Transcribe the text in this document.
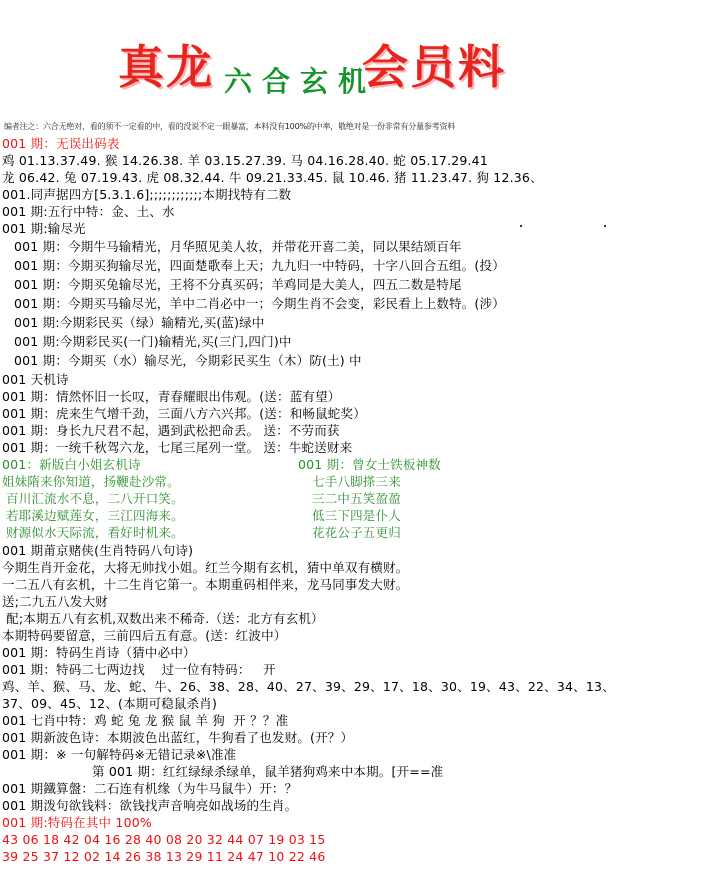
真龙 六合玄机
会员料
编者注之：六合无绝对，看的须不一定看的中，看的没说不定一眼暴富，本料没有100%的中率，敬绝对是一份非常有分量参考资料
001 期：无误出码表
鸡 01.13.37.49. 猴 14.26.38. 羊 03.15.27.39. 马 04.16.28.40. 蛇 05.17.29.41
龙 06.42. 兔 07.19.43. 虎 08.32.44. 牛 09.21.33.45. 鼠 10.46. 猪 11.23.47. 狗 12.36、
001.同声据四方[5.3.1.6];;;;;;;;;;;;本期找特有二数
001 期:五行中特：金、土、水
001 期:输尽光
001 期：今期牛马输精光，月华照见美人妆，并带花开喜二美，同以果结颂百年
001 期：今期买狗输尽光，四面楚歌奉上天；九九归一中特码，十字八回合五组。(投）
001 期：今期买兔输尽光，王将不分真买码；羊鸡同是大美人，四五二数是特尾
001 期：今期买马输尽光，羊中二肖必中一；今期生肖不会变，彩民看上上数特。(涉）
001 期:今期彩民买（绿）输精光,买(蓝)绿中
001 期:今期彩民买(一门)输精光,买(三门,四门)中
001 期：今期买（水）输尽光，今期彩民买生（木）防(土) 中
001 天机诗
001 期：情然怀旧一长叹，青春耀眼出伟观。(送：蓝有望）
001 期：虎来生气增千劲，三面八方六兴邦。(送：和畅鼠蛇奖）
001 期：身长九尺君不起，遇到武松把命丢。 送：不劳而获
001 期：一统千秋驾六龙，七尾三尾列一堂。 送：牛蛇送财来
001：新版白小姐玄机诗	001 期：曾女士铁板神数
姐妹隋来你知道，扬鞭赴沙常。	七手八脚搽三来
百川汇流水不息，二八开口笑。	三二中五笑盈盈
若耶溪边赋莲女，三江四海来。	低三下四是仆人
财源似水天际流，看好时机来。	花花公子五更归
001 期莆京赌侠(生肖特码八句诗)
今期生肖开金花，大将无帅找小姐。红兰今期有玄机，猜中单双有横财。
一二五八有玄机，十二生肖它第一。本期重码相伴来，龙马同事发大财。
送;二九五八发大财
配;本期五八有玄机,双数出来不稀奇.（送：北方有玄机）
本期特码要留意，三前四后五有意。(送：红波中）
001 期：特码生肖诗（猜中必中）
001 期：特码二七两边找    过一位有特码：   开
鸡、羊、猴、马、龙、蛇、牛、26、38、28、40、27、39、29、17、18、30、19、43、22、34、13、
37、09、45、12、(本期可稳鼠杀肖)
001 七肖中特：鸡 蛇 兔 龙 猴 鼠 羊 狗  开 ？？准
001 期新波色诗：本期波色出蓝红，牛狗看了也发财。(开？）
001 期：※ 一句解特码※无错记录※\准准
第 001 期：红红绿绿杀绿单，鼠羊猪狗鸡来中本期。[开==准
001 期鐵算盤：二石连有机缘（为牛马鼠牛）开：？
001 期泼句欲钱料：欲钱找声音响亮如战场的生肖。
001 期:特码在其中 100%
43 06 18 42 04 16 28 40 08 20 32 44 07 19 03 15
39 25 37 12 02 14 26 38 13 29 11 24 47 10 22 46
